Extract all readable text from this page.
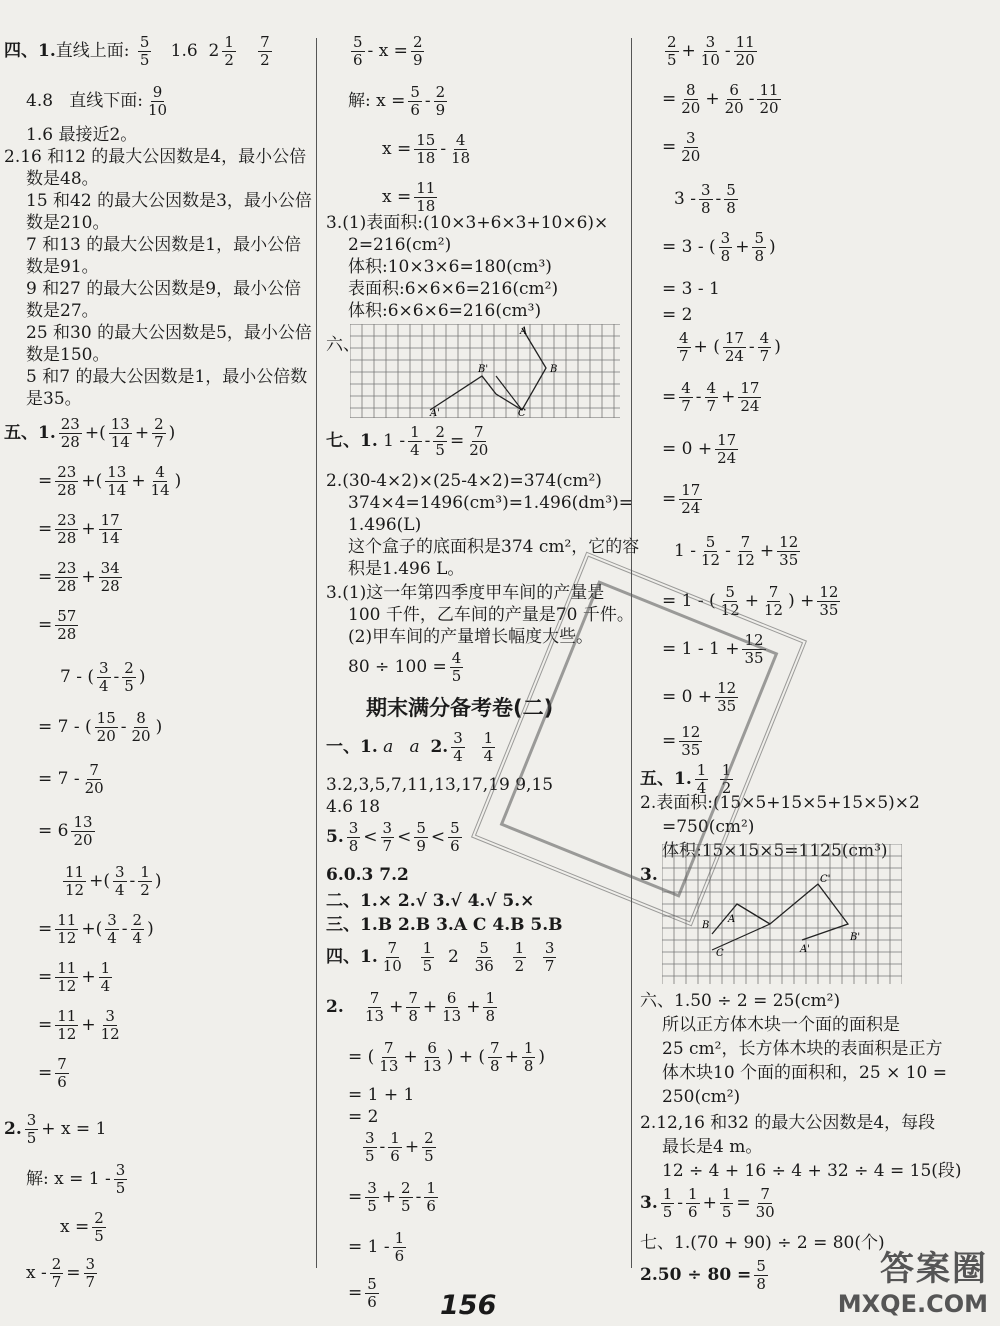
四、1.直线上面: $\frac{5}{5} 1.6$ $2 \frac{1}{2}$
$\frac{7}{2}$
4.8 直线下面: $\frac{9}{10}$
1.6 最接近2。
2.16 和12 的最大公因数是4，最小公倍
数是48。
15 和42 的最大公因数是3，最小公倍
数是210。
7 和13 的最大公因数是1，最小公倍
数是91。
9 和27 的最大公因数是9，最小公倍
数是27。
25 和30 的最大公因数是5，最小公倍
数是150。
5 和7 的最大公因数是1，最小公倍数
是35。
五、1. $\frac{23}{28}$ +( $\frac{13}{14} + \frac{2}{7}$ )
= $\frac{23}{28}$ +( $\frac{13}{14} + \frac{4}{14}$ )
= $\frac{23}{28} + \frac{17}{14}$
= $\frac{23}{28} + \frac{34}{28}$
= $\frac{57}{28}$
7 - ( $\frac{3}{4} - \frac{2}{5}$ )
= 7 - ( $\frac{15}{20} - \frac{8}{20}$ )
= $7 - \frac{7}{20}$
= $6 \frac{13}{20}$
$\frac{11}{12}$ +( $\frac{3}{4} - \frac{1}{2}$ )
= $\frac{11}{12}$ +( $\frac{3}{4} - \frac{2}{4}$ )
= $\frac{11}{12} + \frac{1}{4}$
= $\frac{11}{12} + \frac{3}{12}$
= $\frac{7}{6}$
2. $\frac{3}{5} + x = 1$
解: $x = 1 - \frac{3}{5}$
$x = \frac{2}{5}$
$x - \frac{2}{7} = \frac{3}{7}$
$\frac{5}{6} - x = \frac{2}{9}$
解: $x = \frac{5}{6} - \frac{2}{9}$
$x = \frac{15}{18} - \frac{4}{18}$
$x = \frac{11}{18}$
3.(1)表面积:(10×3+6×3+10×6)×
2=216(cm²)
体积:10×3×6=180(cm³)
表面积:6×6×6=216(cm²)
体积:6×6×6=216(cm³)
六、
A
B'	B
A'	C
七、1. $1 - \frac{1}{4} - \frac{2}{5} = \frac{7}{20}$
2.(30-4×2)×(25-4×2)=374(cm²)
374×4=1496(cm³)=1.496(dm³)=
1.496(L)
这个盒子的底面积是374 cm²，它的容
积是1.496 L。
3.(1)这一年第四季度甲车间的产量是
100 千件，乙车间的产量是70 千件。
(2)甲车间的产量增长幅度大些。
$80 \div 100 = \frac{4}{5}$
期末满分备考卷(二)
一、1. a a 2. $\frac{3}{4}$
$\frac{1}{4}$
3.2,3,5,7,11,13,17,19 9,15
4.6 18
5. $\frac{3}{8} < \frac{3}{7} < \frac{5}{9} < \frac{5}{6}$
6.0.3 7.2
二、1.× 2.√ 3.√ 4.√ 5.×
三、1.B 2.B 3.A C 4.B 5.B
四、1. $\frac{7}{10}$
$\frac{1}{5} 2 \frac{5}{36}$
$\frac{1}{2}$
$\frac{3}{7}$
2. $\frac{7}{13} + \frac{7}{8} + \frac{6}{13} + \frac{1}{8}$
= ( $\frac{7}{13} + \frac{6}{13}$ ) + ( $\frac{7}{8} + \frac{1}{8}$ )
= 1 + 1
= 2
$\frac{3}{5} - \frac{1}{6} + \frac{2}{5}$
= $\frac{3}{5} + \frac{2}{5} - \frac{1}{6}$
= $1 - \frac{1}{6}$
= $\frac{5}{6}$
$\frac{2}{5} + \frac{3}{10} - \frac{11}{20}$
= $\frac{8}{20} + \frac{6}{20} - \frac{11}{20}$
= $\frac{3}{20}$
$3 - \frac{3}{8} - \frac{5}{8}$
= 3 - ( $\frac{3}{8} + \frac{5}{8}$ )
= 3 - 1
= 2
$\frac{4}{7}$ + ( $\frac{17}{24} - \frac{4}{7}$ )
= $\frac{4}{7} - \frac{4}{7} + \frac{17}{24}$
= $0 + \frac{17}{24}$
= $\frac{17}{24}$
$1 - \frac{5}{12} - \frac{7}{12} + \frac{12}{35}$
= 1 - ( $\frac{5}{12} + \frac{7}{12}$ ) + $\frac{12}{35}$
= $1 - 1 + \frac{12}{35}$
= $0 + \frac{12}{35}$
= $\frac{12}{35}$
五、1. $\frac{1}{4}$
$\frac{1}{2}$
2.表面积:(15×5+15×5+15×5)×2
=750(cm²)
体积:15×15×5=1125(cm³)
3.	C'
B
A
C	A'
B'
六、1.50 ÷ 2 = 25(cm²)
所以正方体木块一个面的面积是
25 cm²，长方体木块的表面积是正方
体木块10 个面的面积和，25 × 10 =
250(cm²)
2.12,16 和32 的最大公因数是4，每段
最长是4 m。
12 ÷ 4 + 16 ÷ 4 + 32 ÷ 4 = 15(段)
3. $\frac{1}{5} - \frac{1}{6} + \frac{1}{5} = \frac{7}{30}$
七、1.(70 + 90) ÷ 2 = 80(个)
$2.50 \div 80 = \frac{5}{8}$
156
答案圈
MXQE.COM
